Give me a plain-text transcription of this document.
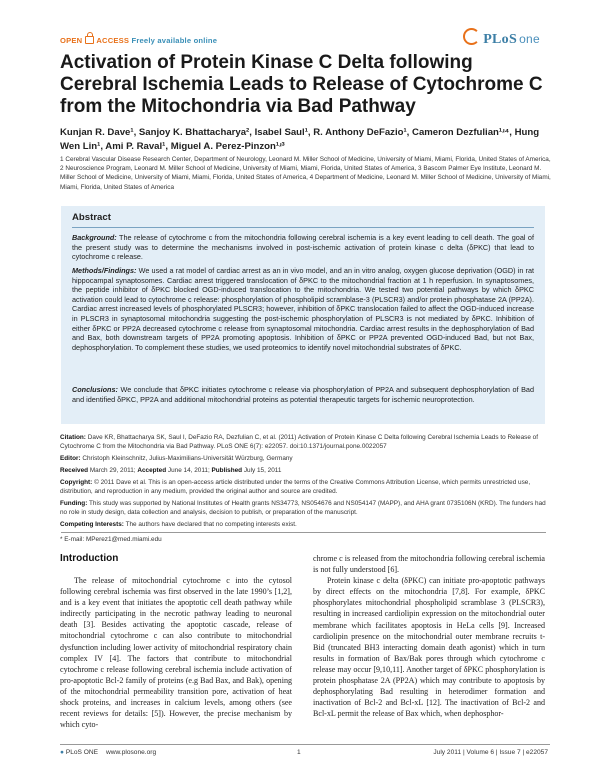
OPEN ACCESS Freely available online	PLoS one
Activation of Protein Kinase C Delta following Cerebral Ischemia Leads to Release of Cytochrome C from the Mitochondria via Bad Pathway
Kunjan R. Dave¹, Sanjoy K. Bhattacharya², Isabel Saul¹, R. Anthony DeFazio¹, Cameron Dezfulian¹ʴ⁴, Hung Wen Lin¹, Ami P. Raval¹, Miguel A. Perez-Pinzon¹ʴ³
1 Cerebral Vascular Disease Research Center, Department of Neurology, Leonard M. Miller School of Medicine, University of Miami, Miami, Florida, United States of America, 2 Neuroscience Program, Leonard M. Miller School of Medicine, University of Miami, Miami, Florida, United States of America, 3 Bascom Palmer Eye Institute, Leonard M. Miller School of Medicine, University of Miami, Miami, Florida, United States of America, 4 Department of Medicine, Leonard M. Miller School of Medicine, University of Miami, Miami, Florida, United States of America
Abstract
Background: The release of cytochrome c from the mitochondria following cerebral ischemia is a key event leading to cell death. The goal of the present study was to determine the mechanisms involved in post-ischemic activation of protein kinase c delta (δPKC) that lead to cytochrome c release.
Methods/Findings: We used a rat model of cardiac arrest as an in vivo model, and an in vitro analog, oxygen glucose deprivation (OGD) in rat hippocampal synaptosomes. Cardiac arrest triggered translocation of δPKC to the mitochondrial fraction at 1 h reperfusion. In synaptosomes, the peptide inhibitor of δPKC blocked OGD-induced translocation to the mitochondria. We tested two potential pathways by which δPKC activation could lead to cytochrome c release: phosphorylation of phospholipid scramblase-3 (PLSCR3) and/or protein phosphatase 2A (PP2A). Cardiac arrest increased levels of phosphorylated PLSCR3; however, inhibition of δPKC translocation failed to affect the OGD-induced increase in PLSCR3 in synaptosomal mitochondria suggesting the post-ischemic phosphorylation of PLSCR3 is not mediated by δPKC. Inhibition of either δPKC or PP2A decreased cytochrome c release from synaptosomal mitochondria. Cardiac arrest results in the dephosphorylation of Bad and Bax, both downstream targets of PP2A promoting apoptosis. Inhibition of δPKC or PP2A prevented OGD-induced Bad, but not Bax, dephosphorylation. To complement these studies, we used proteomics to identify novel mitochondrial substrates of δPKC.
Conclusions: We conclude that δPKC initiates cytochrome c release via phosphorylation of PP2A and subsequent dephosphorylation of Bad and identified δPKC, PP2A and additional mitochondrial proteins as potential therapeutic targets for ischemic neuroprotection.
Citation: Dave KR, Bhattacharya SK, Saul I, DeFazio RA, Dezfulian C, et al. (2011) Activation of Protein Kinase C Delta following Cerebral Ischemia Leads to Release of Cytochrome C from the Mitochondria via Bad Pathway. PLoS ONE 6(7): e22057. doi:10.1371/journal.pone.0022057
Editor: Christoph Kleinschnitz, Julius-Maximilians-Universität Würzburg, Germany
Received March 29, 2011; Accepted June 14, 2011; Published July 15, 2011
Copyright: © 2011 Dave et al. This is an open-access article distributed under the terms of the Creative Commons Attribution License, which permits unrestricted use, distribution, and reproduction in any medium, provided the original author and source are credited.
Funding: This study was supported by National Institutes of Health grants NS34773, NS054676 and NS054147 (MAPP), and AHA grant 0735106N (KRD). The funders had no role in study design, data collection and analysis, decision to publish, or preparation of the manuscript.
Competing Interests: The authors have declared that no competing interests exist.
* E-mail: MPerez1@med.miami.edu
Introduction
The release of mitochondrial cytochrome c into the cytosol following cerebral ischemia was first observed in the late 1990’s [1,2], and is a key event that initiates the apoptotic cell death pathway while indirectly participating in the necrotic pathway leading to neuronal death [3]. Besides activating the apoptotic cascade, release of mitochondrial cytochrome c can also contribute to mitochondrial dysfunction including lower activity of mitochondrial respiratory chain complex IV [4]. The factors that contribute to mitochondrial cytochrome c release following cerebral ischemia include activation of pro-apoptotic Bcl-2 family of proteins (e.g Bad Bax, and Bak), opening of the mitochondrial permeability transition pore, activation of heat shock proteins, and increases in calcium levels, among others (see recent reviews for details: [5]). However, the precise mechanism by which cyto-
chrome c is released from the mitochondria following cerebral ischemia is not fully understood [6].
Protein kinase c delta (δPKC) can initiate pro-apoptotic pathways by direct effects on the mitochondria [7,8]. For example, δPKC phosphorylates mitochondrial phospholipid scramblase 3 (PLSCR3), resulting in increased cardiolipin expression on the mitochondrial outer membrane which facilitates apoptosis in HeLa cells [9]. Increased cardiolipin presence on the mitochondrial outer membrane recruits t-Bid (truncated BH3 interacting domain death agonist) which in turn results in formation of Bax/Bak pores through which cytochrome c release may occur [9,10,11]. Another target of δPKC phosphorylation is protein phosphatase 2A (PP2A) which may contribute to apoptosis by dephosphorylating Bad resulting in heterodimer formation and inactivation of Bcl-2 and Bcl-xL [12]. The inactivation of Bcl-2 and Bcl-xL permit the release of Bax which, when dephosphor-
● PLoS ONE www.plosone.org	1	July 2011 | Volume 6 | Issue 7 | e22057
